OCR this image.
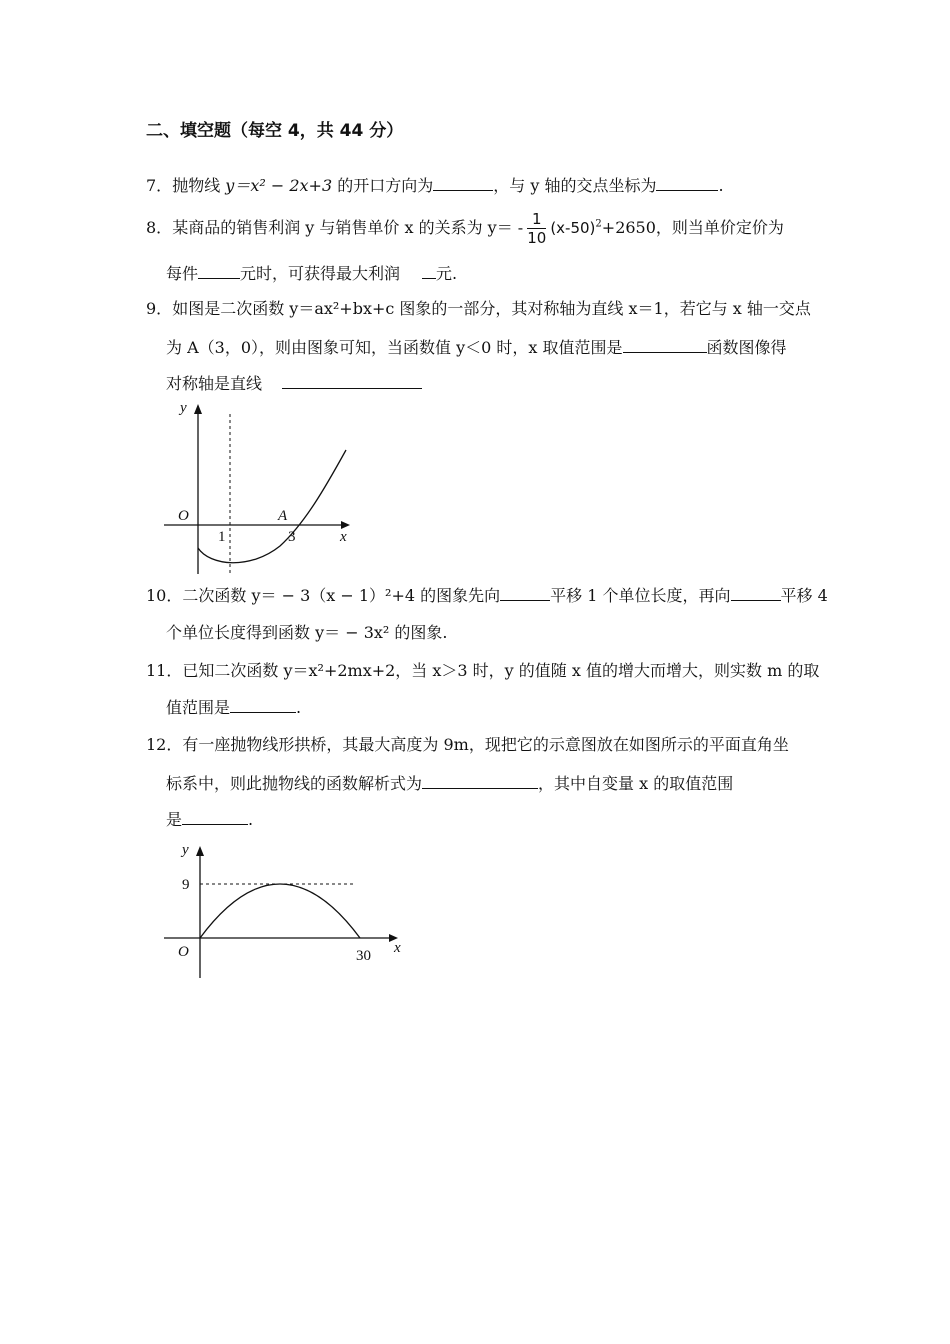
二、填空题（每空 4，共 44 分）
7．抛物线 y＝x² − 2x+3 的开口方向为	，与 y 轴的交点坐标为	.
8．某商品的销售利润 y 与销售单价 x 的关系为 $y= - \frac{1}{10} (x-50)^2+2650$，则当单价定价为
每件	元时，可获得最大利润 元.
9．如图是二次函数 y＝ax²+bx+c 图象的一部分，其对称轴为直线 x＝1，若它与 x 轴一交点
为 A（3，0），则由图象可知，当函数值 y＜0 时，x 取值范围是	函数图像得
对称轴是直线
y
x
O
1	3
A
10．二次函数 y＝ − 3（x − 1）²+4 的图象先向	平移 1 个单位长度，再向	平移 4
个单位长度得到函数 y＝ − 3x² 的图象.
11．已知二次函数 y＝x²+2mx+2，当 x＞3 时，y 的值随 x 值的增大而增大，则实数 m 的取
值范围是	.
12．有一座抛物线形拱桥，其最大高度为 9m，现把它的示意图放在如图所示的平面直角坐
标系中，则此抛物线的函数解析式为	，其中自变量 x 的取值范围
是	.
y
x
O
9
30
